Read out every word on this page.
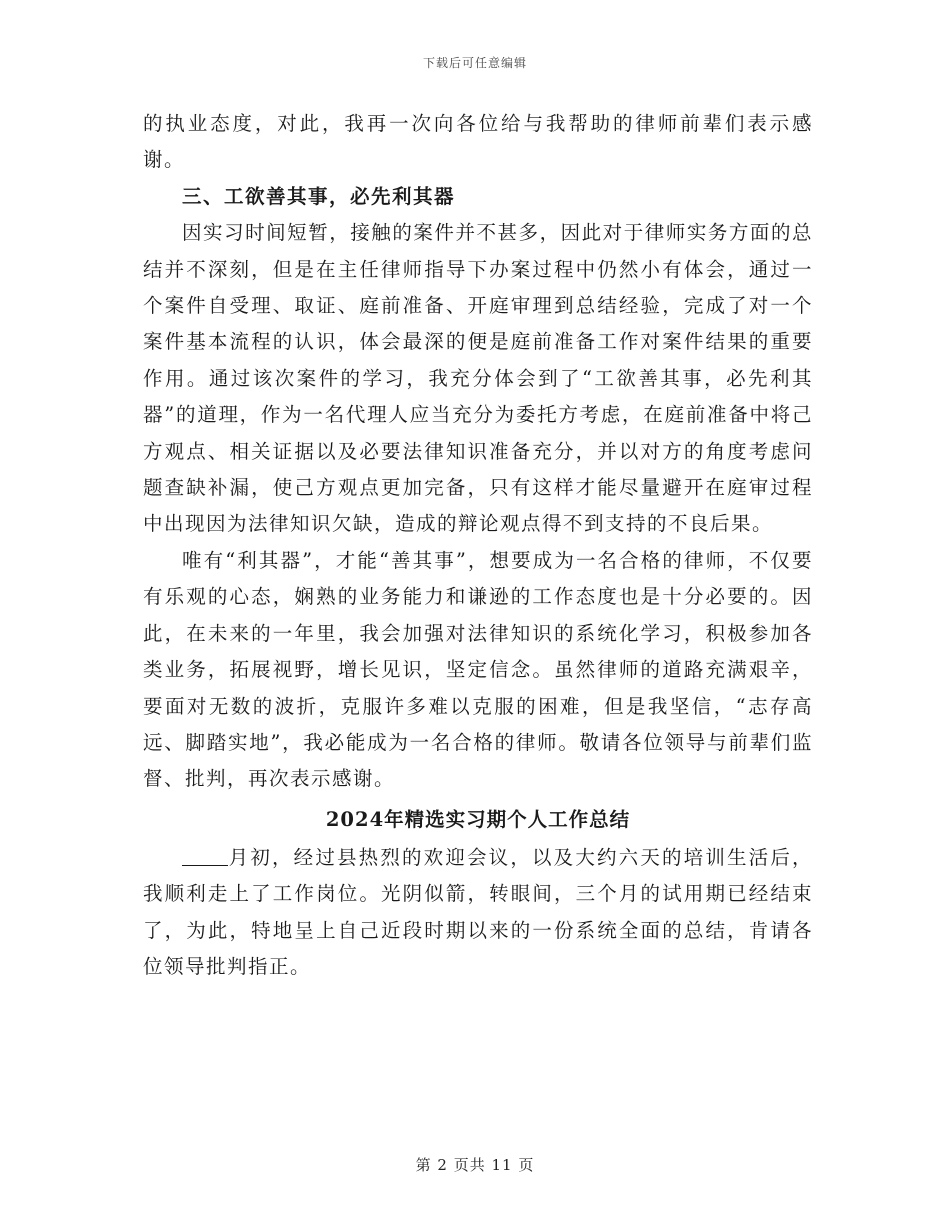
下载后可任意编辑

的执业态度，对此，我再一次向各位给与我帮助的律师前辈们表示感谢。

三、工欲善其事，必先利其器

因实习时间短暂，接触的案件并不甚多，因此对于律师实务方面的总结并不深刻，但是在主任律师指导下办案过程中仍然小有体会，通过一个案件自受理、取证、庭前准备、开庭审理到总结经验，完成了对一个案件基本流程的认识，体会最深的便是庭前准备工作对案件结果的重要作用。通过该次案件的学习，我充分体会到了“工欲善其事，必先利其器”的道理，作为一名代理人应当充分为委托方考虑，在庭前准备中将己方观点、相关证据以及必要法律知识准备充分，并以对方的角度考虑问题查缺补漏，使己方观点更加完备，只有这样才能尽量避开在庭审过程中出现因为法律知识欠缺，造成的辩论观点得不到支持的不良后果。

唯有“利其器”，才能“善其事”，想要成为一名合格的律师，不仅要有乐观的心态，娴熟的业务能力和谦逊的工作态度也是十分必要的。因此，在未来的一年里，我会加强对法律知识的系统化学习，积极参加各类业务，拓展视野，增长见识，坚定信念。虽然律师的道路充满艰辛，要面对无数的波折，克服许多难以克服的困难，但是我坚信，“志存高远、脚踏实地”，我必能成为一名合格的律师。敬请各位领导与前辈们监督、批判，再次表示感谢。

2024年精选实习期个人工作总结

月初，经过县热烈的欢迎会议，以及大约六天的培训生活后，我顺利走上了工作岗位。光阴似箭，转眼间，三个月的试用期已经结束了，为此，特地呈上自己近段时期以来的一份系统全面的总结，肯请各位领导批判指正。

第 2 页共 11 页
